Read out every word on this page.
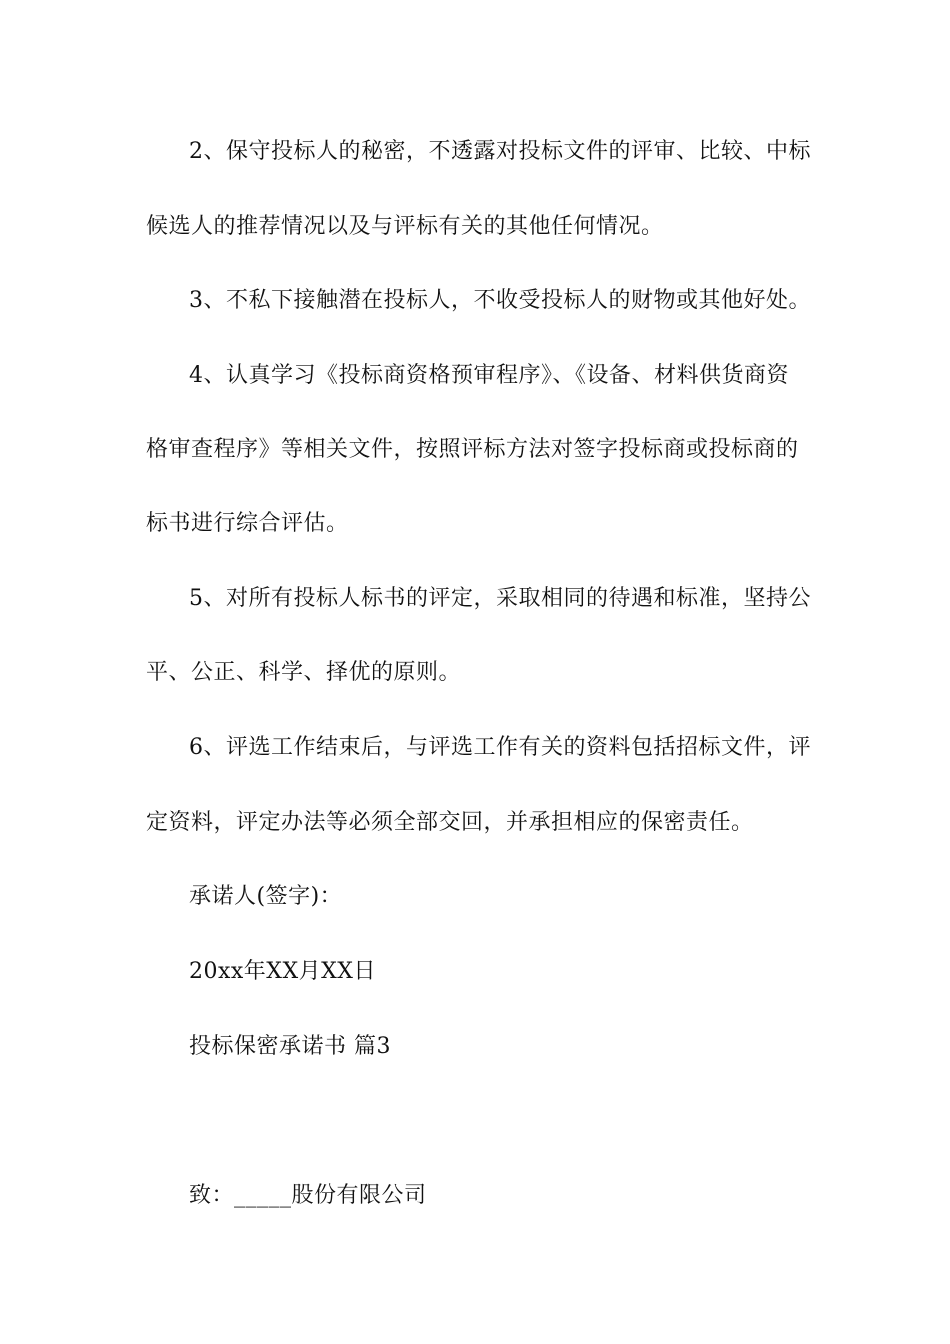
2、保守投标人的秘密，不透露对投标文件的评审、比较、中标
候选人的推荐情况以及与评标有关的其他任何情况。
3、不私下接触潜在投标人，不收受投标人的财物或其他好处。
4、认真学习《投标商资格预审程序》、《设备、材料供货商资
格审查程序》等相关文件，按照评标方法对签字投标商或投标商的
标书进行综合评估。
5、对所有投标人标书的评定，采取相同的待遇和标准，坚持公
平、公正、科学、择优的原则。
6、评选工作结束后，与评选工作有关的资料包括招标文件，评
定资料，评定办法等必须全部交回，并承担相应的保密责任。
承诺人(签字)：
20xx年XX月XX日
投标保密承诺书 篇3
致：_____股份有限公司
